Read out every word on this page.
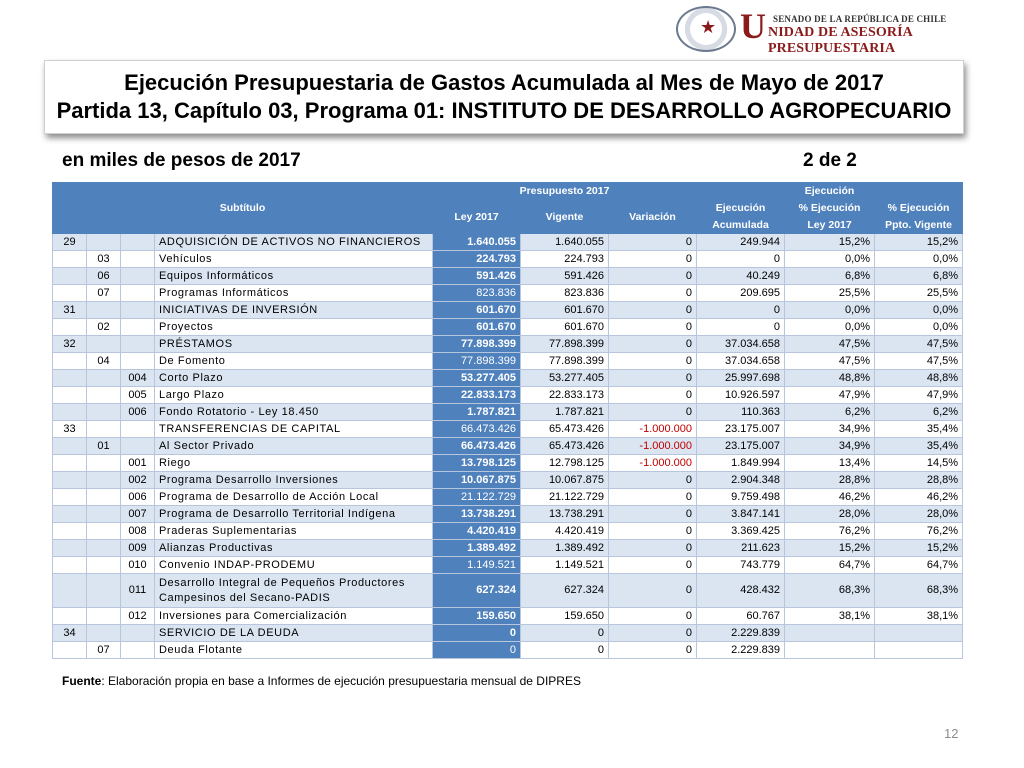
★	SENADO DE LA REPÚBLICA DE CHILE
U NIDAD DE ASESORÍA PRESUPUESTARIA
Ejecución Presupuestaria de Gastos Acumulada al Mes de Mayo de 2017
Partida 13, Capítulo 03, Programa 01: INSTITUTO DE DESARROLLO AGROPECUARIO
en miles de pesos de 2017	2 de 2
Subtítulo				Presupuesto 2017			Ejecución		
				Ley 2017	Vigente	Variación	Ejecución	% Ejecución	% Ejecución
							Acumulada	Ley 2017	Ppto. Vigente
29			ADQUISICIÓN DE ACTIVOS NO FINANCIEROS	1.640.055	1.640.055	0	249.944	15,2%	15,2%
	03		Vehículos	224.793	224.793	0	0	0,0%	0,0%
	06		Equipos Informáticos	591.426	591.426	0	40.249	6,8%	6,8%
	07		Programas Informáticos	823.836	823.836	0	209.695	25,5%	25,5%
31			INICIATIVAS DE INVERSIÓN	601.670	601.670	0	0	0,0%	0,0%
	02		Proyectos	601.670	601.670	0	0	0,0%	0,0%
32			PRÉSTAMOS	77.898.399	77.898.399	0	37.034.658	47,5%	47,5%
	04		De Fomento	77.898.399	77.898.399	0	37.034.658	47,5%	47,5%
		004	Corto Plazo	53.277.405	53.277.405	0	25.997.698	48,8%	48,8%
		005	Largo Plazo	22.833.173	22.833.173	0	10.926.597	47,9%	47,9%
		006	Fondo Rotatorio - Ley 18.450	1.787.821	1.787.821	0	110.363	6,2%	6,2%
33			TRANSFERENCIAS DE CAPITAL	66.473.426	65.473.426	-1.000.000	23.175.007	34,9%	35,4%
	01		Al Sector Privado	66.473.426	65.473.426	-1.000.000	23.175.007	34,9%	35,4%
		001	Riego	13.798.125	12.798.125	-1.000.000	1.849.994	13,4%	14,5%
		002	Programa Desarrollo Inversiones	10.067.875	10.067.875	0	2.904.348	28,8%	28,8%
		006	Programa de Desarrollo de Acción Local	21.122.729	21.122.729	0	9.759.498	46,2%	46,2%
		007	Programa de Desarrollo Territorial Indígena	13.738.291	13.738.291	0	3.847.141	28,0%	28,0%
		008	Praderas Suplementarias	4.420.419	4.420.419	0	3.369.425	76,2%	76,2%
		009	Alianzas Productivas	1.389.492	1.389.492	0	211.623	15,2%	15,2%
		010	Convenio INDAP-PRODEMU	1.149.521	1.149.521	0	743.779	64,7%	64,7%
		011	Desarrollo Integral de Pequeños Productores
Campesinos del Secano-PADIS	627.324	627.324	0	428.432	68,3%	68,3%
		012	Inversiones para Comercialización	159.650	159.650	0	60.767	38,1%	38,1%
34			SERVICIO DE LA DEUDA	0	0	0	2.229.839		
	07		Deuda Flotante	0	0	0	2.229.839		
Fuente: Elaboración propia en base a Informes de ejecución presupuestaria mensual de DIPRES
12
